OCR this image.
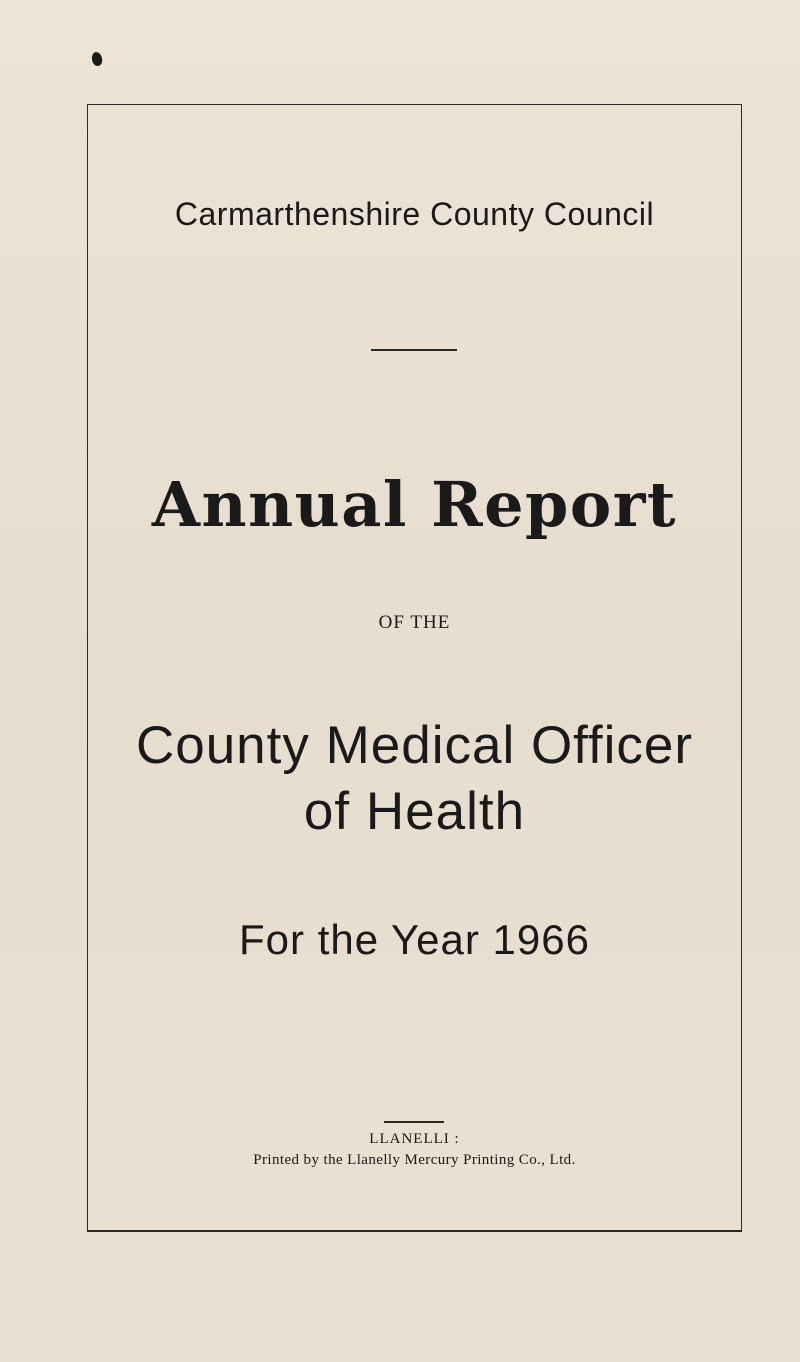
Carmarthenshire County Council
Annual Report
OF THE
County Medical Officer
of Health
For the Year 1966
LLANELLI :
Printed by the Llanelly Mercury Printing Co., Ltd.
